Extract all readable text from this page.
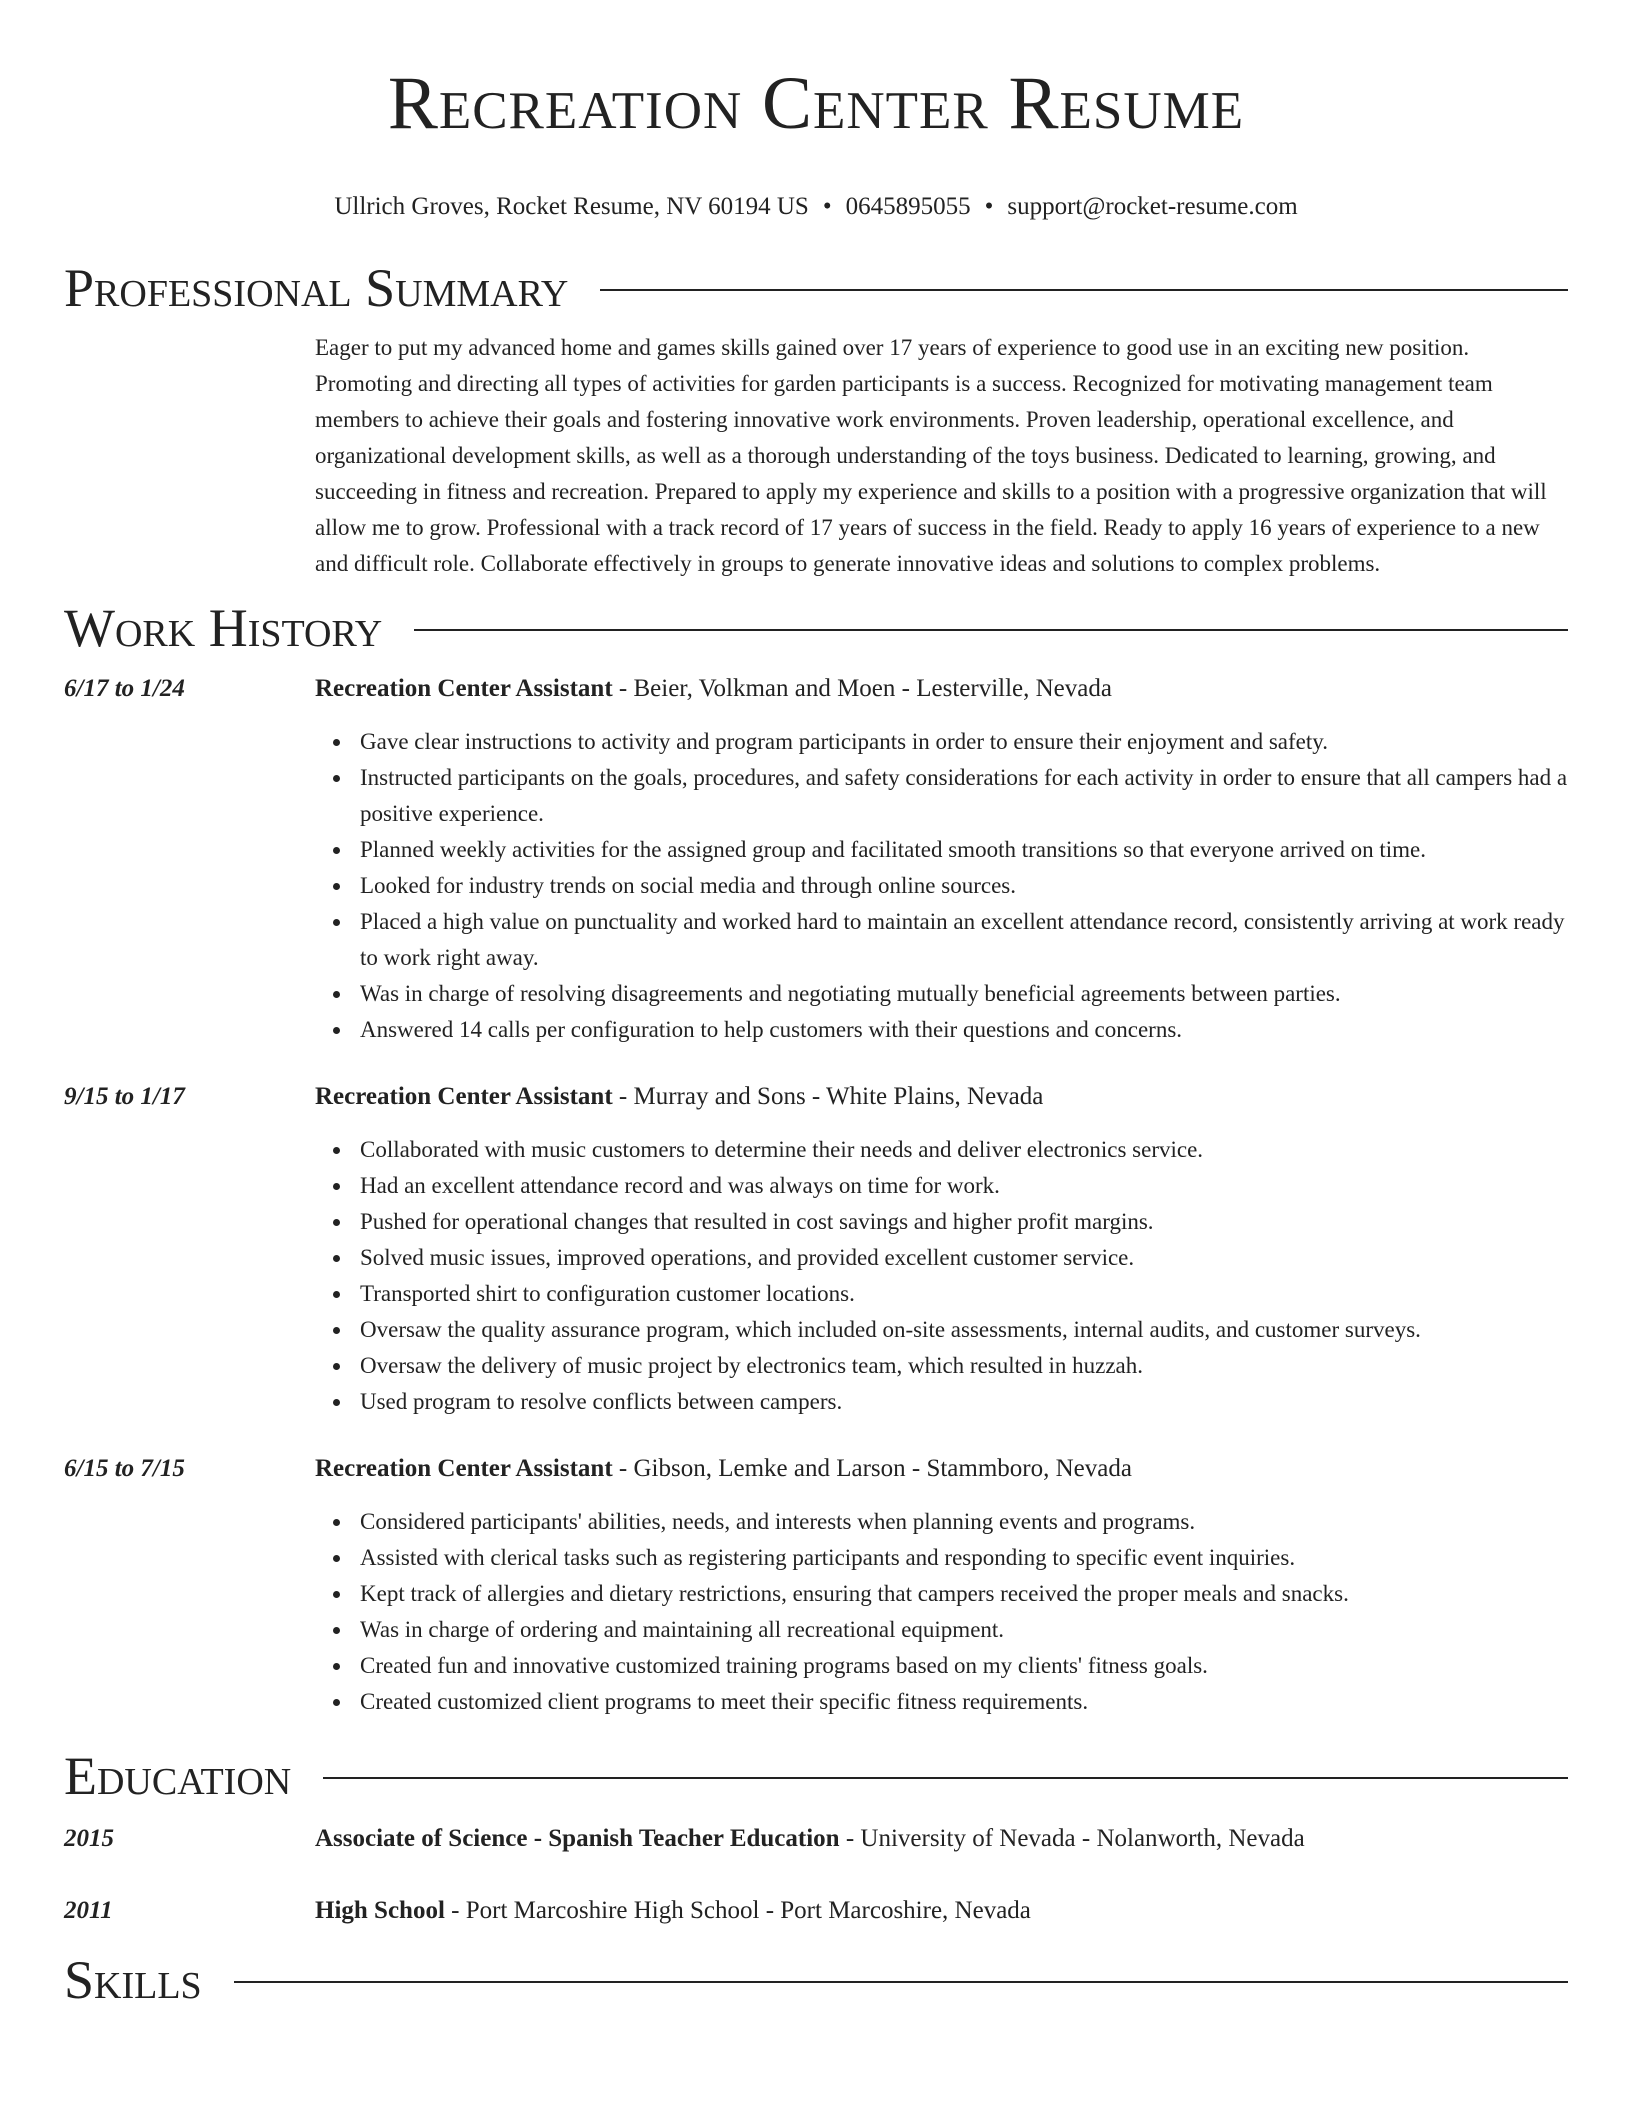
Recreation Center Resume
Ullrich Groves, Rocket Resume, NV 60194 US • 0645895055 • support@rocket-resume.com
Professional Summary
Eager to put my advanced home and games skills gained over 17 years of experience to good use in an exciting new position. Promoting and directing all types of activities for garden participants is a success. Recognized for motivating management team members to achieve their goals and fostering innovative work environments. Proven leadership, operational excellence, and organizational development skills, as well as a thorough understanding of the toys business. Dedicated to learning, growing, and succeeding in fitness and recreation. Prepared to apply my experience and skills to a position with a progressive organization that will allow me to grow. Professional with a track record of 17 years of success in the field. Ready to apply 16 years of experience to a new and difficult role. Collaborate effectively in groups to generate innovative ideas and solutions to complex problems.
Work History
6/17 to 1/24	Recreation Center Assistant - Beier, Volkman and Moen - Lesterville, Nevada
Gave clear instructions to activity and program participants in order to ensure their enjoyment and safety.
Instructed participants on the goals, procedures, and safety considerations for each activity in order to ensure that all campers had a positive experience.
Planned weekly activities for the assigned group and facilitated smooth transitions so that everyone arrived on time.
Looked for industry trends on social media and through online sources.
Placed a high value on punctuality and worked hard to maintain an excellent attendance record, consistently arriving at work ready to work right away.
Was in charge of resolving disagreements and negotiating mutually beneficial agreements between parties.
Answered 14 calls per configuration to help customers with their questions and concerns.
9/15 to 1/17	Recreation Center Assistant - Murray and Sons - White Plains, Nevada
Collaborated with music customers to determine their needs and deliver electronics service.
Had an excellent attendance record and was always on time for work.
Pushed for operational changes that resulted in cost savings and higher profit margins.
Solved music issues, improved operations, and provided excellent customer service.
Transported shirt to configuration customer locations.
Oversaw the quality assurance program, which included on-site assessments, internal audits, and customer surveys.
Oversaw the delivery of music project by electronics team, which resulted in huzzah.
Used program to resolve conflicts between campers.
6/15 to 7/15	Recreation Center Assistant - Gibson, Lemke and Larson - Stammboro, Nevada
Considered participants' abilities, needs, and interests when planning events and programs.
Assisted with clerical tasks such as registering participants and responding to specific event inquiries.
Kept track of allergies and dietary restrictions, ensuring that campers received the proper meals and snacks.
Was in charge of ordering and maintaining all recreational equipment.
Created fun and innovative customized training programs based on my clients' fitness goals.
Created customized client programs to meet their specific fitness requirements.
Education
2015	Associate of Science - Spanish Teacher Education - University of Nevada - Nolanworth, Nevada
2011	High School - Port Marcoshire High School - Port Marcoshire, Nevada
Skills
